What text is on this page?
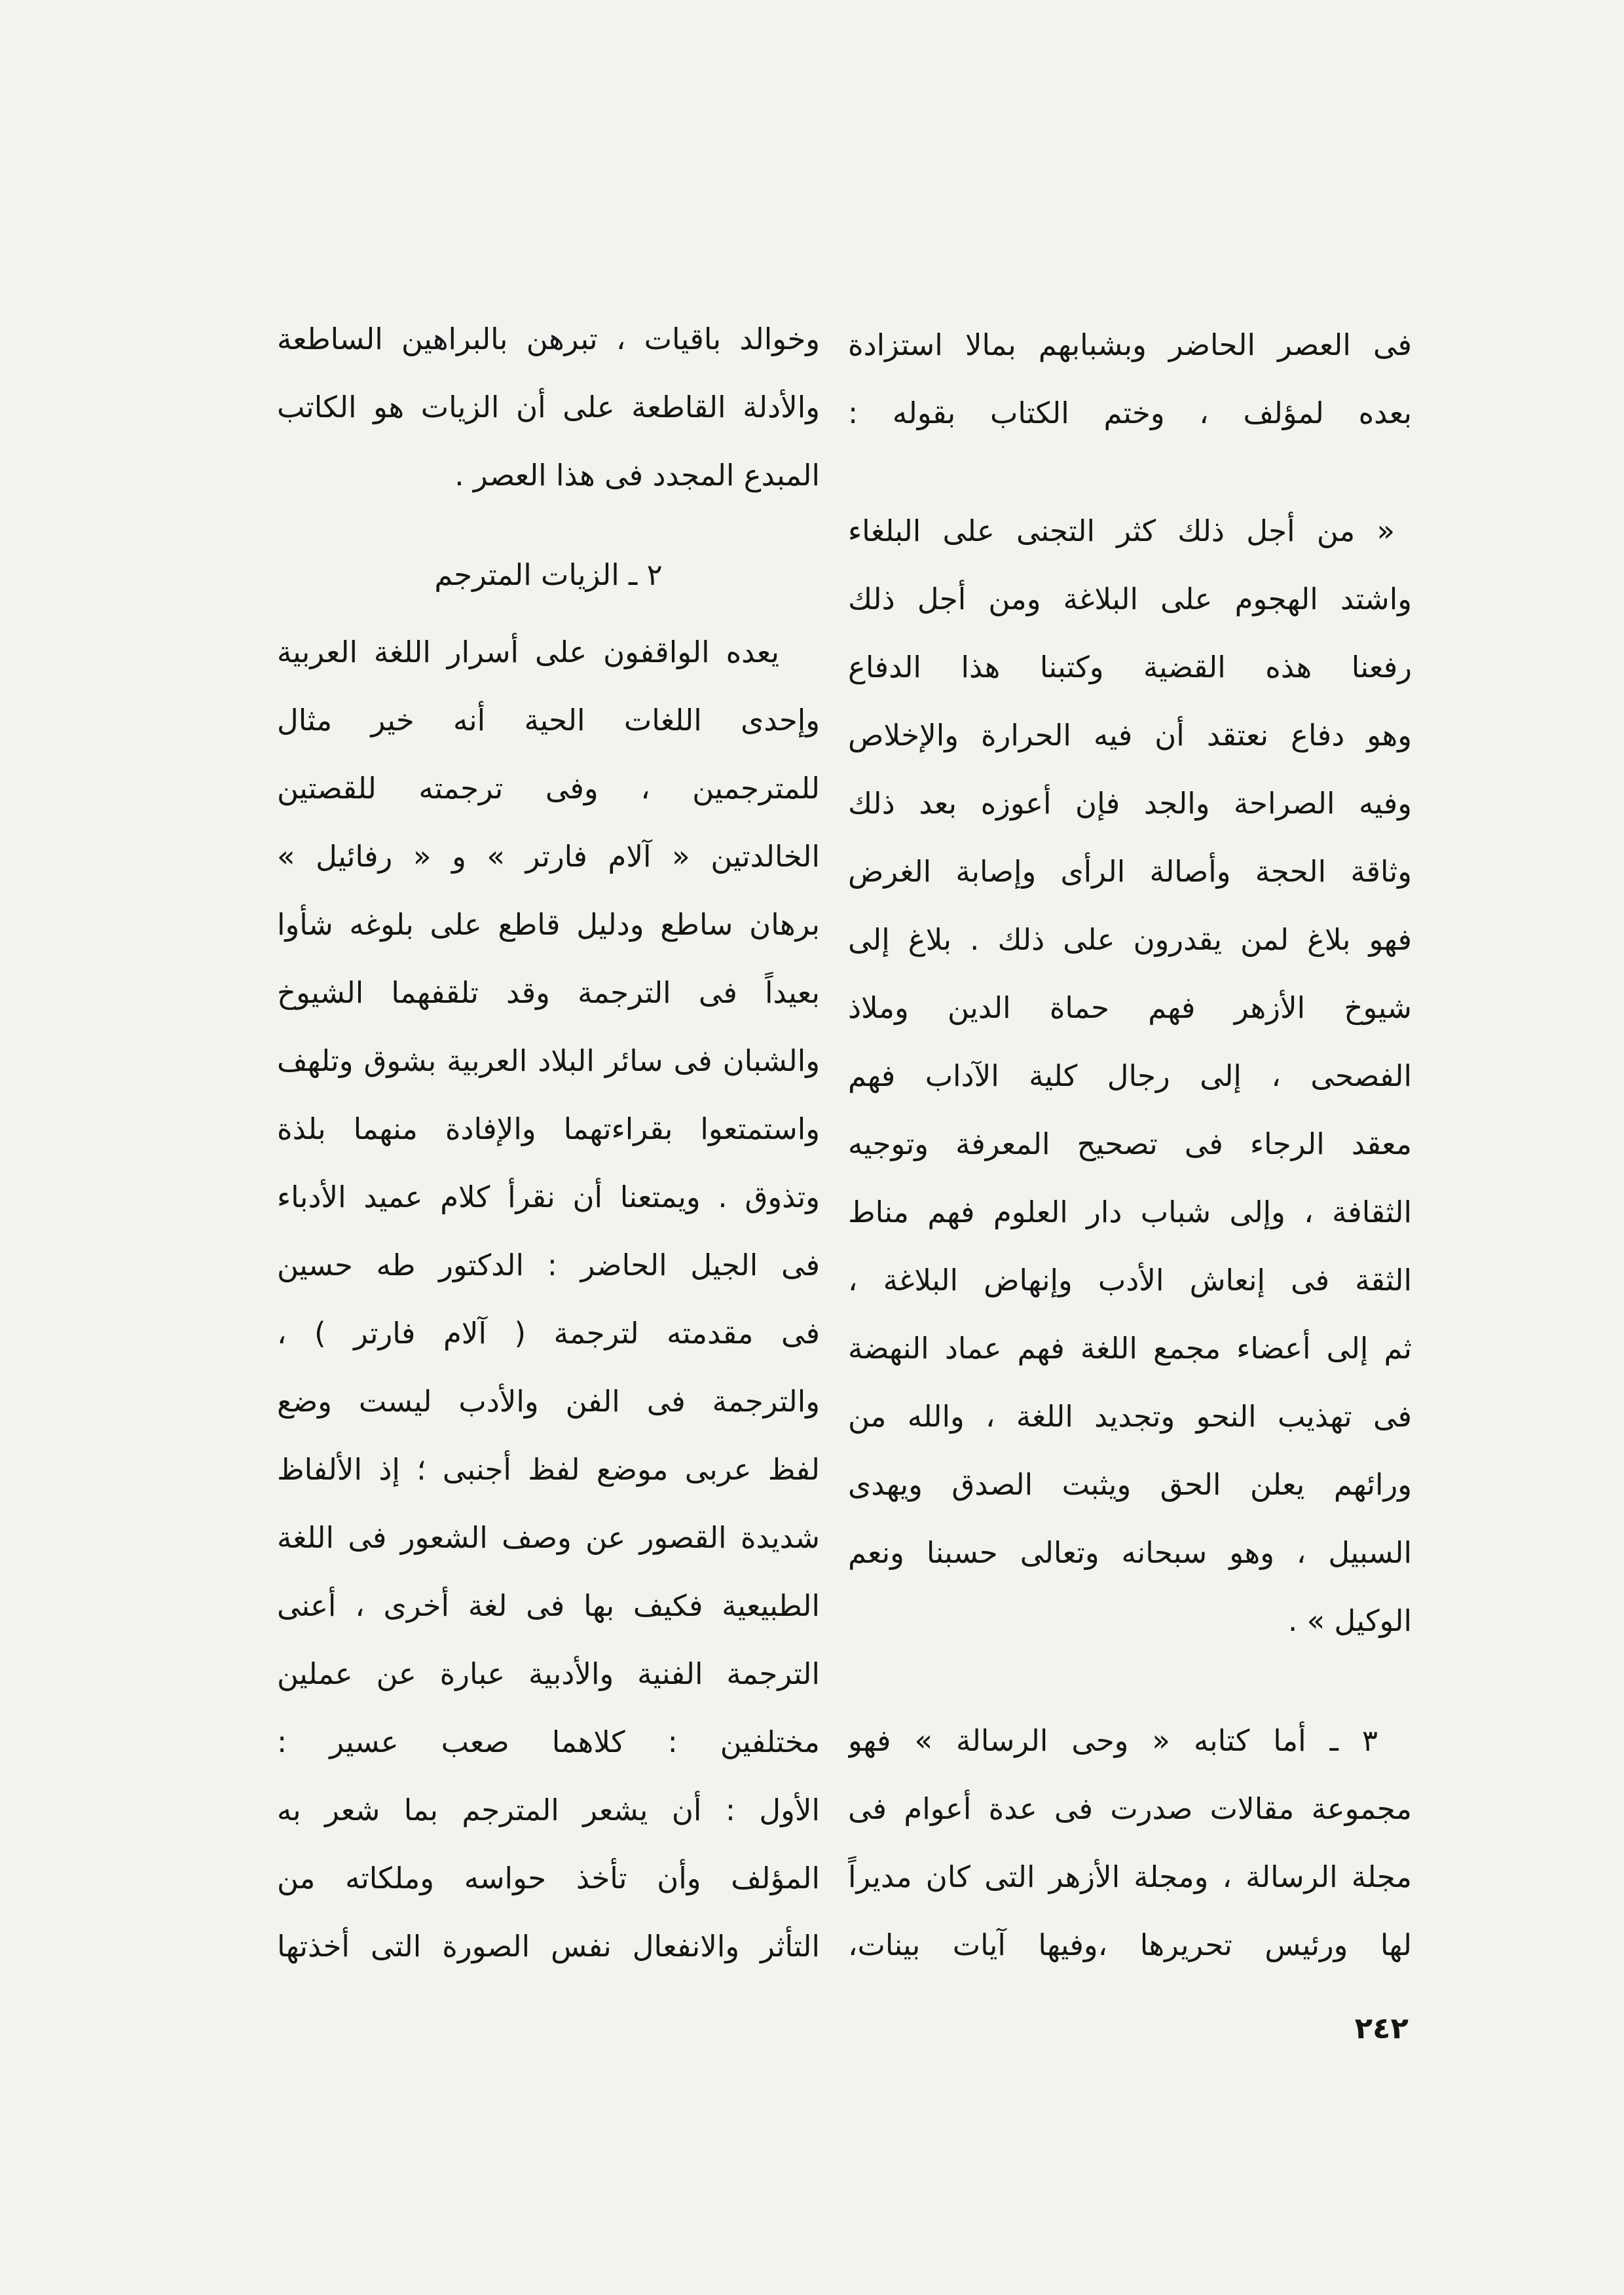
فى العصر الحاضر وبشبابهم بمالا استزادة
بعده لمؤلف ، وختم الكتاب بقوله :
« من أجل ذلك كثر التجنى على البلغاء
واشتد الهجوم على البلاغة ومن أجل ذلك
رفعنا هذه القضية وكتبنا هذا الدفاع
وهو دفاع نعتقد أن فيه الحرارة والإخلاص
وفيه الصراحة والجد فإن أعوزه بعد ذلك
وثاقة الحجة وأصالة الرأى وإصابة الغرض
فهو بلاغ لمن يقدرون على ذلك . بلاغ إلى
شيوخ الأزهر فهم حماة الدين وملاذ
الفصحى ، إلى رجال كلية الآداب فهم
معقد الرجاء فى تصحيح المعرفة وتوجيه
الثقافة ، وإلى شباب دار العلوم فهم مناط
الثقة فى إنعاش الأدب وإنهاض البلاغة ،
ثم إلى أعضاء مجمع اللغة فهم عماد النهضة
فى تهذيب النحو وتجديد اللغة ، والله من
ورائهم يعلن الحق ويثبت الصدق ويهدى
السبيل ، وهو سبحانه وتعالى حسبنا ونعم
الوكيل » .
٣ ـ أما كتابه « وحى الرسالة » فهو
مجموعة مقالات صدرت فى عدة أعوام فى
مجلة الرسالة ، ومجلة الأزهر التى كان مديراً
لها ورئيس تحريرها ،وفيها آيات بينات،
وخوالد باقيات ، تبرهن بالبراهين الساطعة
والأدلة القاطعة على أن الزيات هو الكاتب
المبدع المجدد فى هذا العصر .
٢ ـ الزيات المترجم
يعده الواقفون على أسرار اللغة العربية
وإحدى اللغات الحية أنه خير مثال
للمترجمين ، وفى ترجمته للقصتين
الخالدتين « آلام فارتر » و « رفائيل »
برهان ساطع ودليل قاطع على بلوغه شأوا
بعيداً فى الترجمة وقد تلقفهما الشيوخ
والشبان فى سائر البلاد العربية بشوق وتلهف
واستمتعوا بقراءتهما والإفادة منهما بلذة
وتذوق . ويمتعنا أن نقرأ كلام عميد الأدباء
فى الجيل الحاضر : الدكتور طه حسين
فى مقدمته لترجمة ( آلام فارتر ) ،
والترجمة فى الفن والأدب ليست وضع
لفظ عربى موضع لفظ أجنبى ؛ إذ الألفاظ
شديدة القصور عن وصف الشعور فى اللغة
الطبيعية فكيف بها فى لغة أخرى ، أعنى
الترجمة الفنية والأدبية عبارة عن عملين
مختلفين : كلاهما صعب عسير :
الأول : أن يشعر المترجم بما شعر به
المؤلف وأن تأخذ حواسه وملكاته من
التأثر والانفعال نفس الصورة التى أخذتها
٢٤٢
